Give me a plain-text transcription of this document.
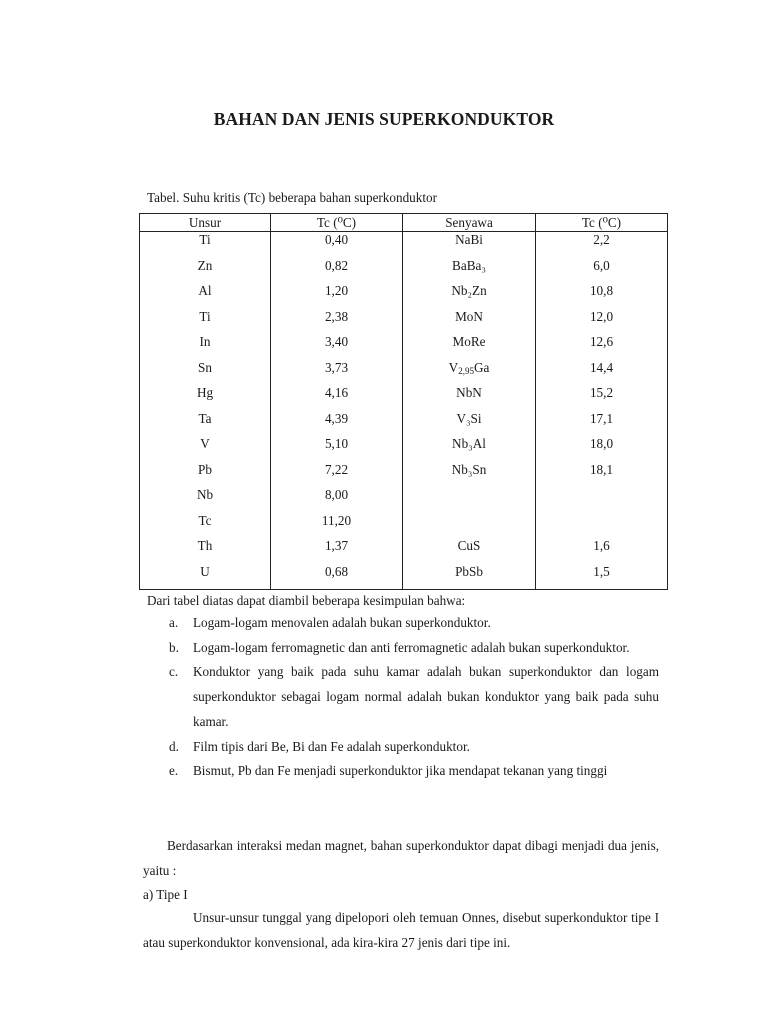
BAHAN DAN JENIS SUPERKONDUKTOR
Tabel. Suhu kritis (Tc) beberapa bahan superkonduktor
Unsur	Tc (⁰C)	Senyawa	Tc (⁰C)
Ti	0,40	NaBi	2,2
Zn	0,82	BaBa₃	6,0
Al	1,20	Nb₂Zn	10,8
Ti	2,38	MoN	12,0
In	3,40	MoRe	12,6
Sn	3,73	$V_{2,95}Ga$	14,4
Hg	4,16	NbN	15,2
Ta	4,39	V₃Si	17,1
V	5,10	Nb₃Al	18,0
Pb	7,22	Nb₃Sn	18,1
Nb	8,00		
Tc	11,20		
Th	1,37	CuS	1,6
U	0,68	PbSb	1,5
Dari tabel diatas dapat diambil beberapa kesimpulan bahwa:
a.	Logam-logam menovalen adalah bukan superkonduktor.
b.	Logam-logam ferromagnetic dan anti ferromagnetic adalah bukan superkonduktor.
c.	Konduktor yang baik pada suhu kamar adalah bukan superkonduktor dan logam superkonduktor sebagai logam normal adalah bukan konduktor yang baik pada suhu kamar.
d.	Film tipis dari Be, Bi dan Fe adalah superkonduktor.
e.	Bismut, Pb dan Fe menjadi superkonduktor jika mendapat tekanan yang tinggi
Berdasarkan interaksi medan magnet, bahan superkonduktor dapat dibagi menjadi dua jenis, yaitu :
a) Tipe I
Unsur-unsur tunggal yang dipelopori oleh temuan Onnes, disebut superkonduktor tipe I atau superkonduktor konvensional, ada kira-kira 27 jenis dari tipe ini.
